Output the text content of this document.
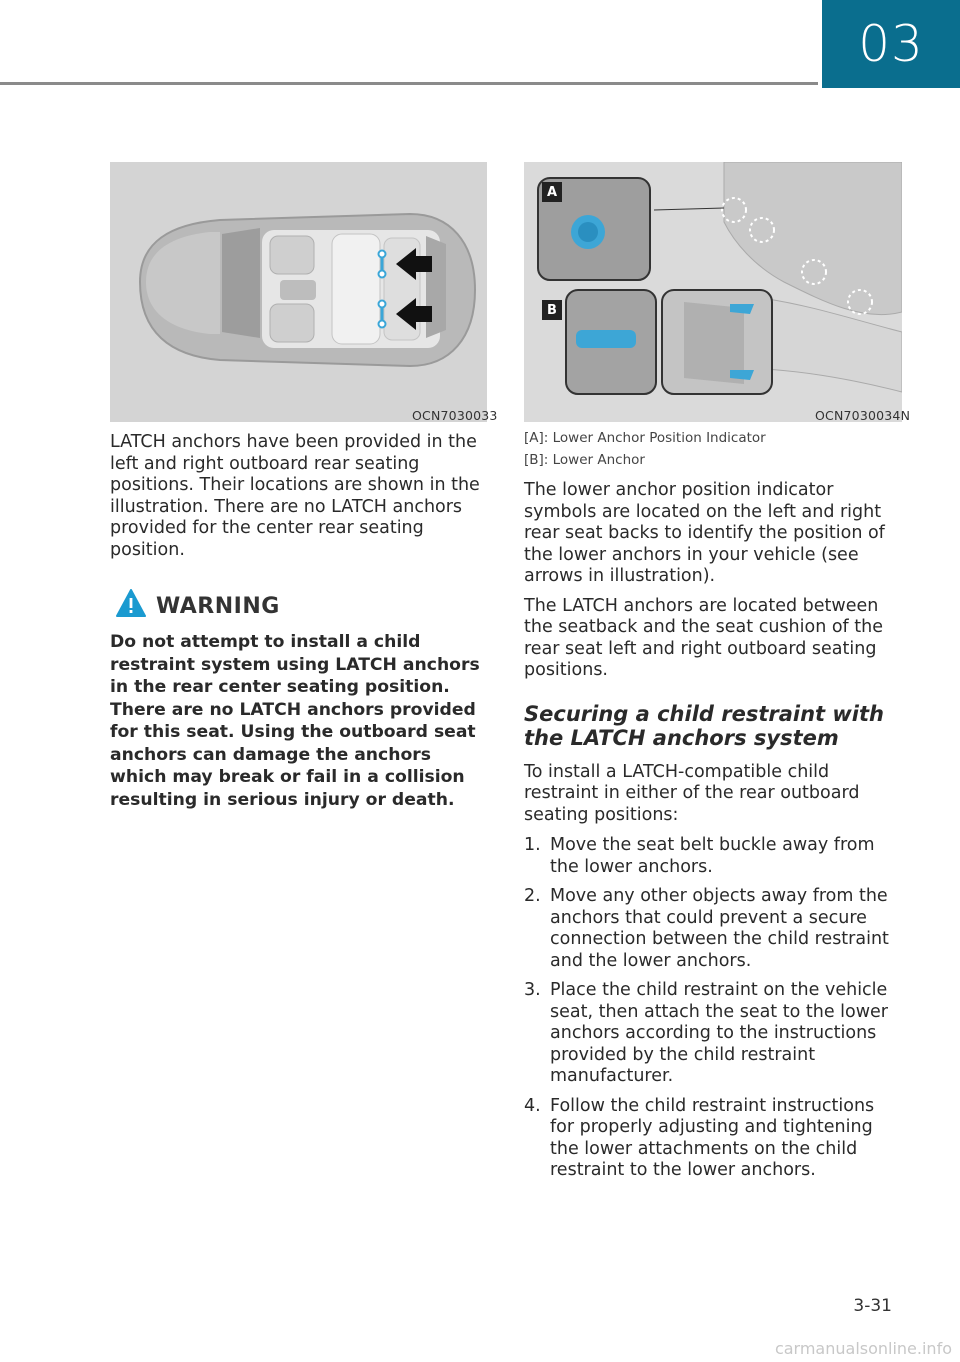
03
OCN7030033
A
B
OCN7030034N

LATCH anchors have been provided in the left and right outboard rear seating positions. Their locations are shown in the illustration. There are no LATCH anchors provided for the center rear seating position.

WARNING

Do not attempt to install a child restraint system using LATCH anchors in the rear center seating position. There are no LATCH anchors provided for this seat. Using the outboard seat anchors can damage the anchors which may break or fail in a collision resulting in serious injury or death.

[A]: Lower Anchor Position Indicator

[B]: Lower Anchor

The lower anchor position indicator symbols are located on the left and right rear seat backs to identify the position of the lower anchors in your vehicle (see arrows in illustration).

The LATCH anchors are located between the seatback and the seat cushion of the rear seat left and right outboard seating positions.

Securing a child restraint with the LATCH anchors system

To install a LATCH-compatible child restraint in either of the rear outboard seating positions:

1. Move the seat belt buckle away from the lower anchors.
2. Move any other objects away from the anchors that could prevent a secure connection between the child restraint and the lower anchors.
3. Place the child restraint on the vehicle seat, then attach the seat to the lower anchors according to the instructions provided by the child restraint manufacturer.
4. Follow the child restraint instructions for properly adjusting and tightening the lower attachments on the child restraint to the lower anchors.
3-31
carmanualsonline.info
